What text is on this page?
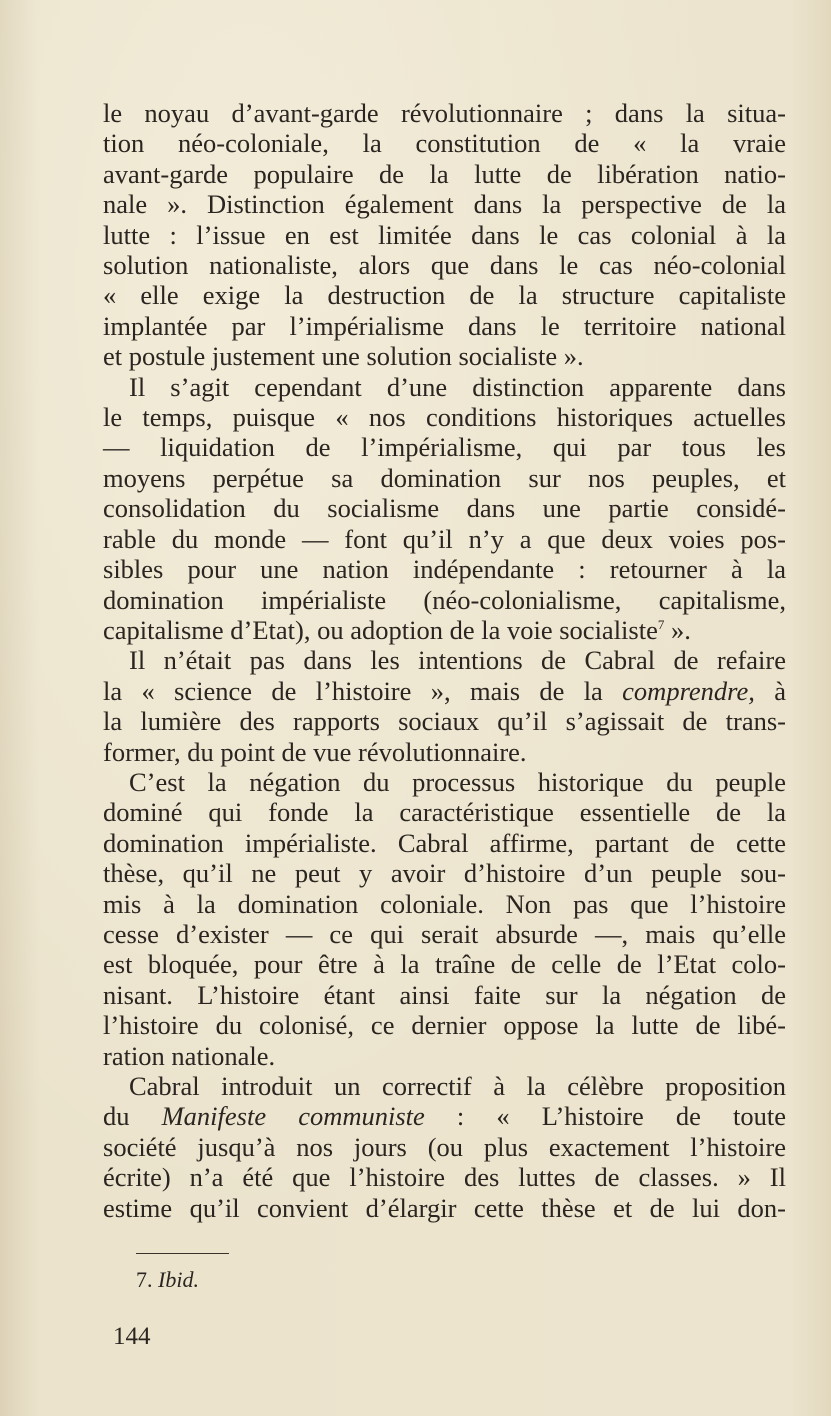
le noyau d’avant-garde révolutionnaire ; dans la situa-
tion néo-coloniale, la constitution de « la vraie
avant-garde populaire de la lutte de libération natio-
nale ». Distinction également dans la perspective de la
lutte : l’issue en est limitée dans le cas colonial à la
solution nationaliste, alors que dans le cas néo-colonial
« elle exige la destruction de la structure capitaliste
implantée par l’impérialisme dans le territoire national
et postule justement une solution socialiste ».
Il s’agit cependant d’une distinction apparente dans
le temps, puisque « nos conditions historiques actuelles
— liquidation de l’impérialisme, qui par tous les
moyens perpétue sa domination sur nos peuples, et
consolidation du socialisme dans une partie considé-
rable du monde — font qu’il n’y a que deux voies pos-
sibles pour une nation indépendante : retourner à la
domination impérialiste (néo-colonialisme, capitalisme,
capitalisme d’Etat), ou adoption de la voie socialiste$^7$ ».
Il n’était pas dans les intentions de Cabral de refaire
la « science de l’histoire », mais de la comprendre, à
la lumière des rapports sociaux qu’il s’agissait de trans-
former, du point de vue révolutionnaire.
C’est la négation du processus historique du peuple
dominé qui fonde la caractéristique essentielle de la
domination impérialiste. Cabral affirme, partant de cette
thèse, qu’il ne peut y avoir d’histoire d’un peuple sou-
mis à la domination coloniale. Non pas que l’histoire
cesse d’exister — ce qui serait absurde —, mais qu’elle
est bloquée, pour être à la traîne de celle de l’Etat colo-
nisant. L’histoire étant ainsi faite sur la négation de
l’histoire du colonisé, ce dernier oppose la lutte de libé-
ration nationale.
Cabral introduit un correctif à la célèbre proposition
du Manifeste communiste : « L’histoire de toute
société jusqu’à nos jours (ou plus exactement l’histoire
écrite) n’a été que l’histoire des luttes de classes. » Il
estime qu’il convient d’élargir cette thèse et de lui don-
7. Ibid.
144
